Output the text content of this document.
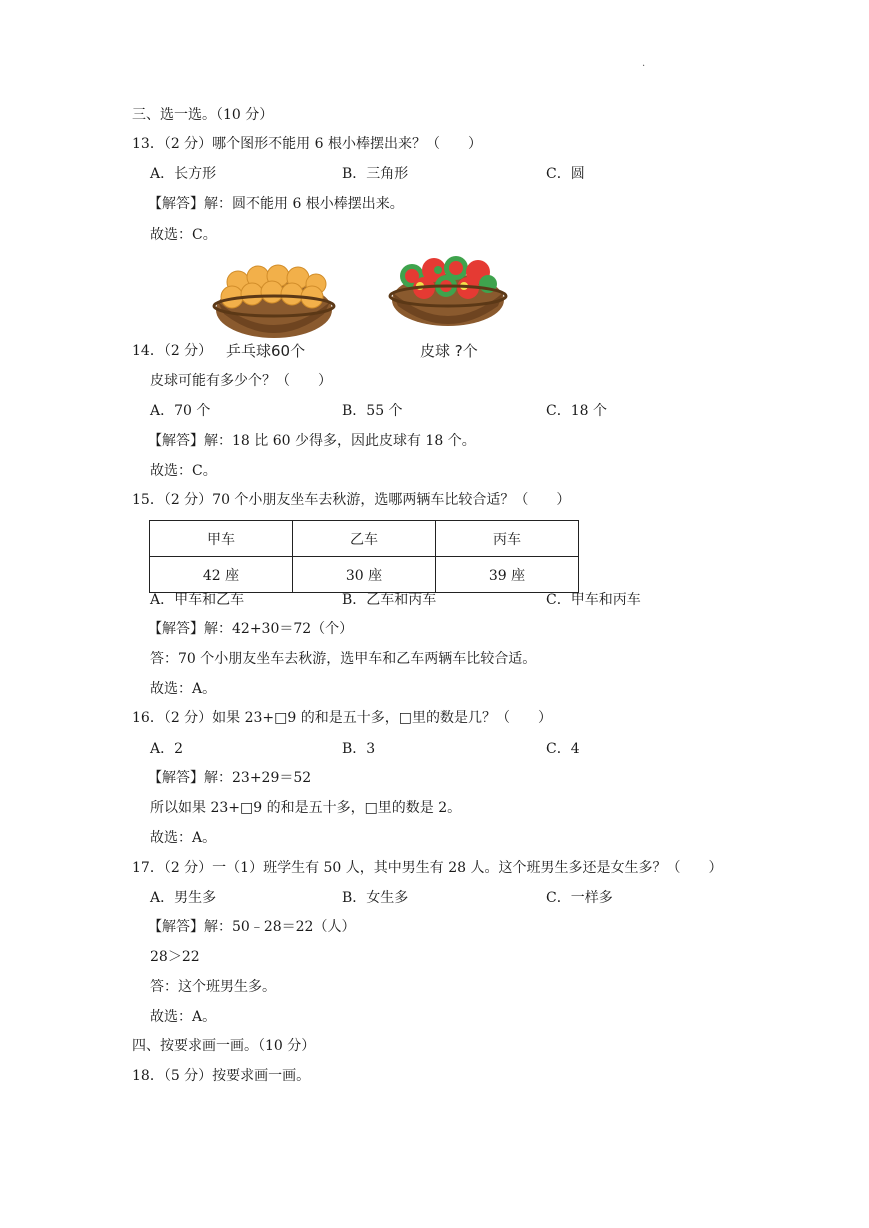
.
三、选一选。（10 分）
13．（2 分）哪个图形不能用 6 根小棒摆出来？（　　）
A．长方形	B．三角形	C．圆
【解答】解：圆不能用 6 根小棒摆出来。
故选：C。
乒乓球60个	皮球 ?个
14．（2 分）
皮球可能有多少个？（　　）
A．70 个	B．55 个	C．18 个
【解答】解：18 比 60 少得多，因此皮球有 18 个。
故选：C。
15．（2 分）70 个小朋友坐车去秋游，选哪两辆车比较合适？（　　）
甲车	乙车	丙车
42 座	30 座	39 座
A．甲车和乙车	B．乙车和丙车	C．甲车和丙车
【解答】解：42+30＝72（个）
答：70 个小朋友坐车去秋游，选甲车和乙车两辆车比较合适。
故选：A。
16．（2 分）如果 23+□9 的和是五十多，□里的数是几？（　　）
A．2	B．3	C．4
【解答】解：23+29＝52
所以如果 23+□9 的和是五十多，□里的数是 2。
故选：A。
17．（2 分）一（1）班学生有 50 人，其中男生有 28 人。这个班男生多还是女生多？（　　）
A．男生多	B．女生多	C．一样多
【解答】解：50﹣28＝22（人）
28＞22
答：这个班男生多。
故选：A。
四、按要求画一画。（10 分）
18．（5 分）按要求画一画。
